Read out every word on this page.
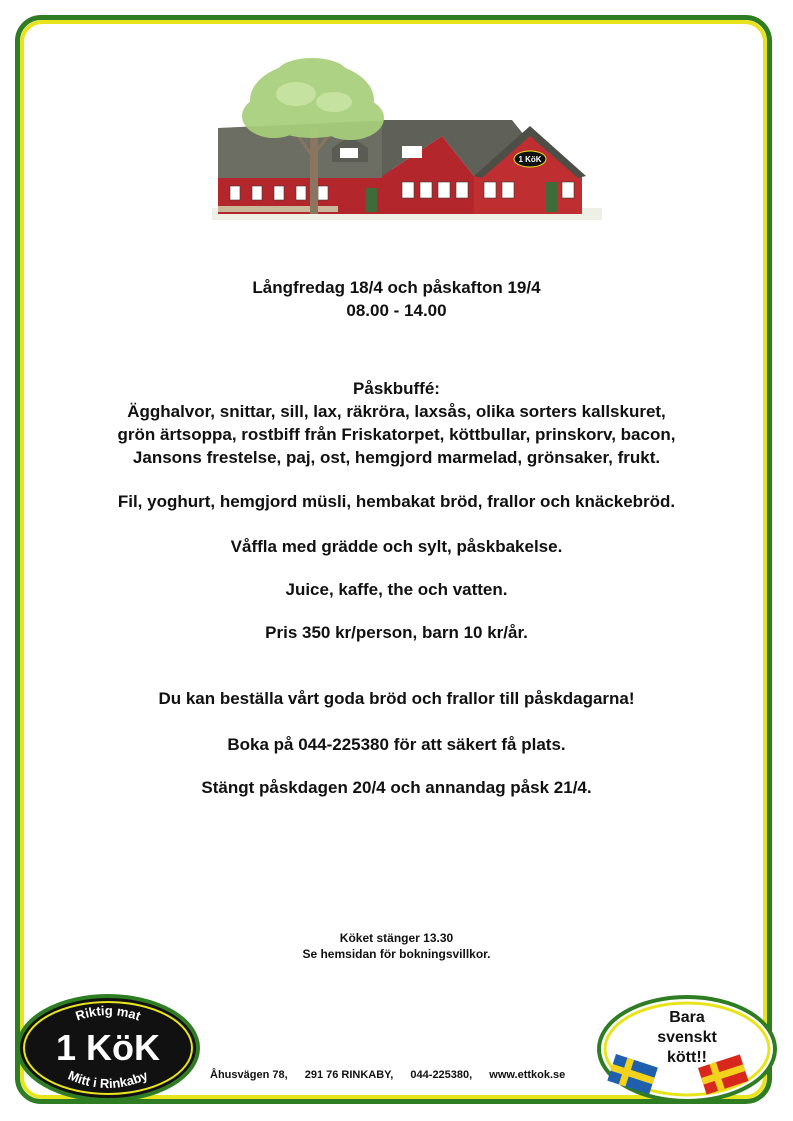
1 KöK
Långfredag 18/4 och påskafton 19/4
08.00 - 14.00
Påskbuffé:
Ägghalvor, snittar, sill, lax, räkröra, laxsås, olika sorters kallskuret,
grön ärtsoppa, rostbiff från Friskatorpet, köttbullar, prinskorv, bacon,
Jansons frestelse, paj, ost, hemgjord marmelad, grönsaker, frukt.
Fil, yoghurt, hemgjord müsli, hembakat bröd, frallor och knäckebröd.
Våffla med grädde och sylt, påskbakelse.
Juice, kaffe, the och vatten.
Pris 350 kr/person, barn 10 kr/år.
Du kan beställa vårt goda bröd och frallor till påskdagarna!
Boka på 044-225380 för att säkert få plats.
Stängt påskdagen 20/4 och annandag påsk 21/4.
Köket stänger 13.30
Se hemsidan för bokningsvillkor.
Riktig mat
1 KöK
Mitt i Rinkaby	Åhusvägen 78, 291 76 RINKABY, 044-225380, www.ettkok.se
Bara
svenskt
kött!!
